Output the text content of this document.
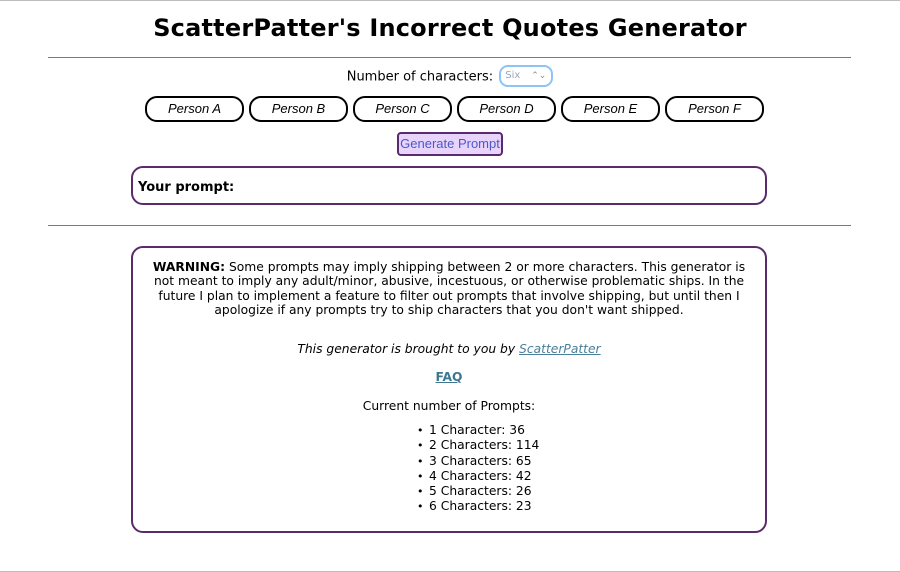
ScatterPatter's Incorrect Quotes Generator
Number of characters: Six ⌃⌄
Person A	Person B	Person C	Person D	Person E	Person F
Generate Prompt
Your prompt:

WARNING: Some prompts may imply shipping between 2 or more characters. This generator is not meant to imply any adult/minor, abusive, incestuous, or otherwise problematic ships. In the future I plan to implement a feature to filter out prompts that involve shipping, but until then I apologize if any prompts try to ship characters that you don't want shipped.

This generator is brought to you by ScatterPatter
FAQ
Current number of Prompts:
• 1 Character: 36
• 2 Characters: 114
• 3 Characters: 65
• 4 Characters: 42
• 5 Characters: 26
• 6 Characters: 23
